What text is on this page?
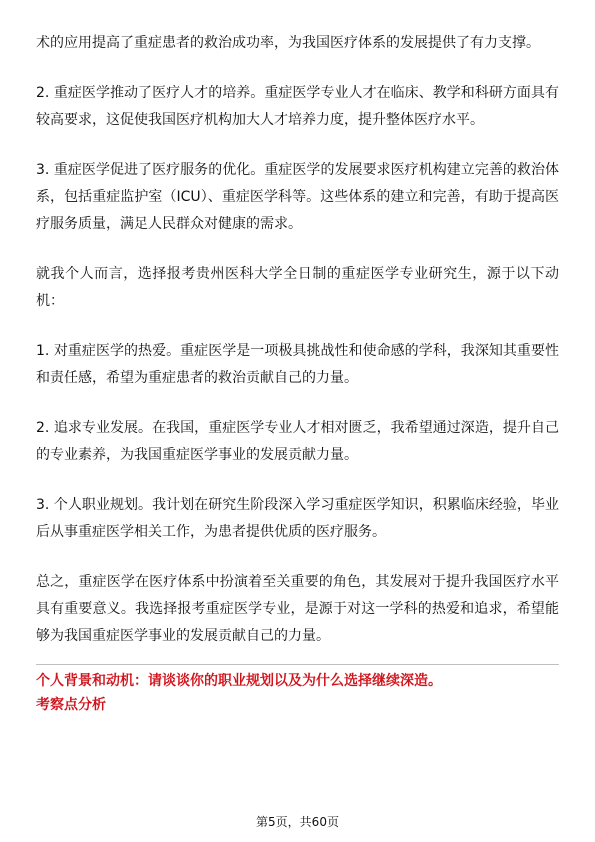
术的应用提高了重症患者的救治成功率，为我国医疗体系的发展提供了有力支撑。

2. 重症医学推动了医疗人才的培养。重症医学专业人才在临床、教学和科研方面具有较高要求，这促使我国医疗机构加大人才培养力度，提升整体医疗水平。

3. 重症医学促进了医疗服务的优化。重症医学的发展要求医疗机构建立完善的救治体系，包括重症监护室（ICU）、重症医学科等。这些体系的建立和完善，有助于提高医疗服务质量，满足人民群众对健康的需求。

就我个人而言，选择报考贵州医科大学全日制的重症医学专业研究生，源于以下动机：

1. 对重症医学的热爱。重症医学是一项极具挑战性和使命感的学科，我深知其重要性和责任感，希望为重症患者的救治贡献自己的力量。

2. 追求专业发展。在我国，重症医学专业人才相对匮乏，我希望通过深造，提升自己的专业素养，为我国重症医学事业的发展贡献力量。

3. 个人职业规划。我计划在研究生阶段深入学习重症医学知识，积累临床经验，毕业后从事重症医学相关工作，为患者提供优质的医疗服务。

总之，重症医学在医疗体系中扮演着至关重要的角色，其发展对于提升我国医疗水平具有重要意义。我选择报考重症医学专业，是源于对这一学科的热爱和追求，希望能够为我国重症医学事业的发展贡献自己的力量。

个人背景和动机：请谈谈你的职业规划以及为什么选择继续深造。

考察点分析

第5页，共60页
